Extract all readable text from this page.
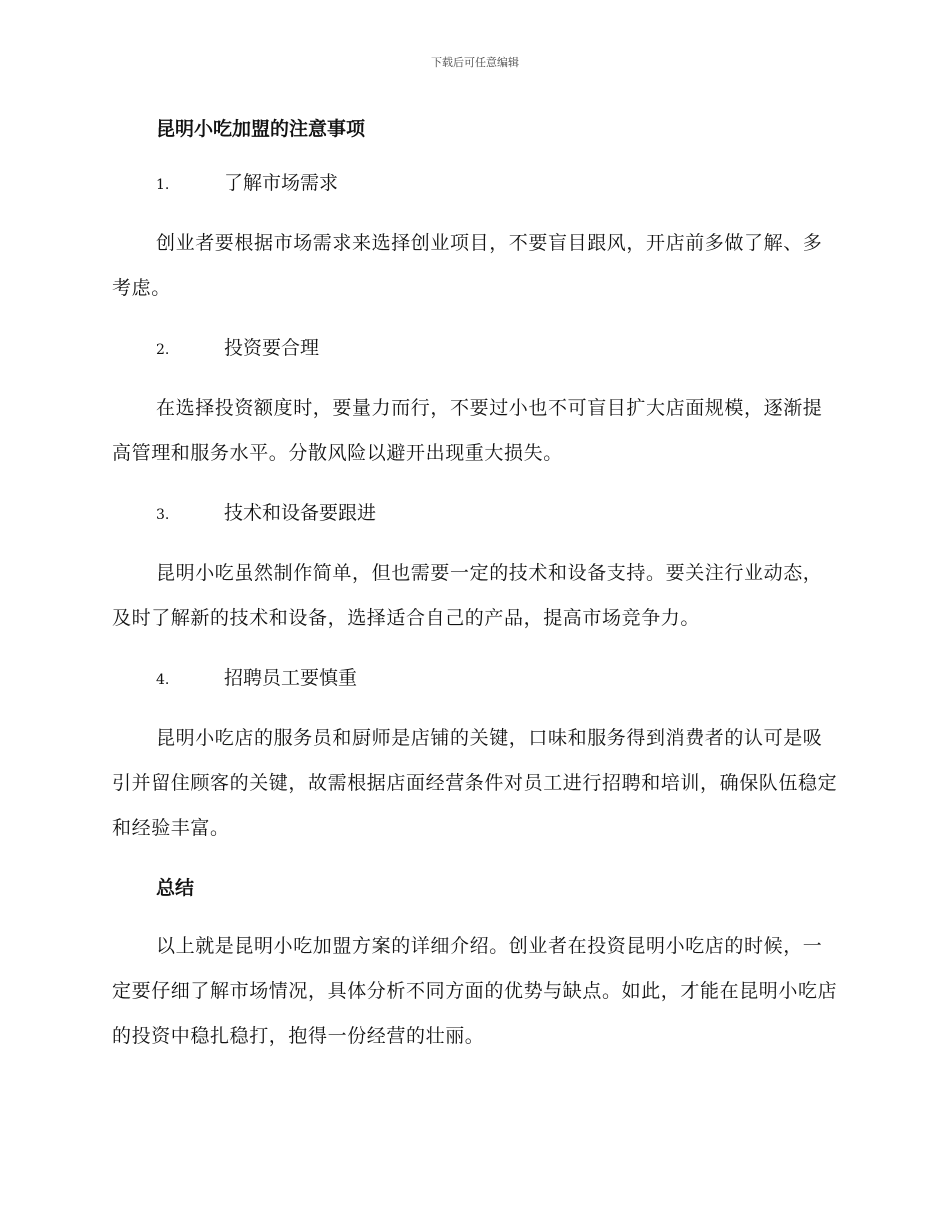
下载后可任意编辑
昆明小吃加盟的注意事项
1.	了解市场需求

创业者要根据市场需求来选择创业项目，不要盲目跟风，开店前多做了解、多考虑。

2.	投资要合理

在选择投资额度时，要量力而行，不要过小也不可盲目扩大店面规模，逐渐提高管理和服务水平。分散风险以避开出现重大损失。

3.	技术和设备要跟进

昆明小吃虽然制作简单，但也需要一定的技术和设备支持。要关注行业动态，及时了解新的技术和设备，选择适合自己的产品，提高市场竞争力。

4.	招聘员工要慎重

昆明小吃店的服务员和厨师是店铺的关键，口味和服务得到消费者的认可是吸引并留住顾客的关键，故需根据店面经营条件对员工进行招聘和培训，确保队伍稳定和经验丰富。

总结

以上就是昆明小吃加盟方案的详细介绍。创业者在投资昆明小吃店的时候，一定要仔细了解市场情况，具体分析不同方面的优势与缺点。如此，才能在昆明小吃店的投资中稳扎稳打，抱得一份经营的壮丽。
